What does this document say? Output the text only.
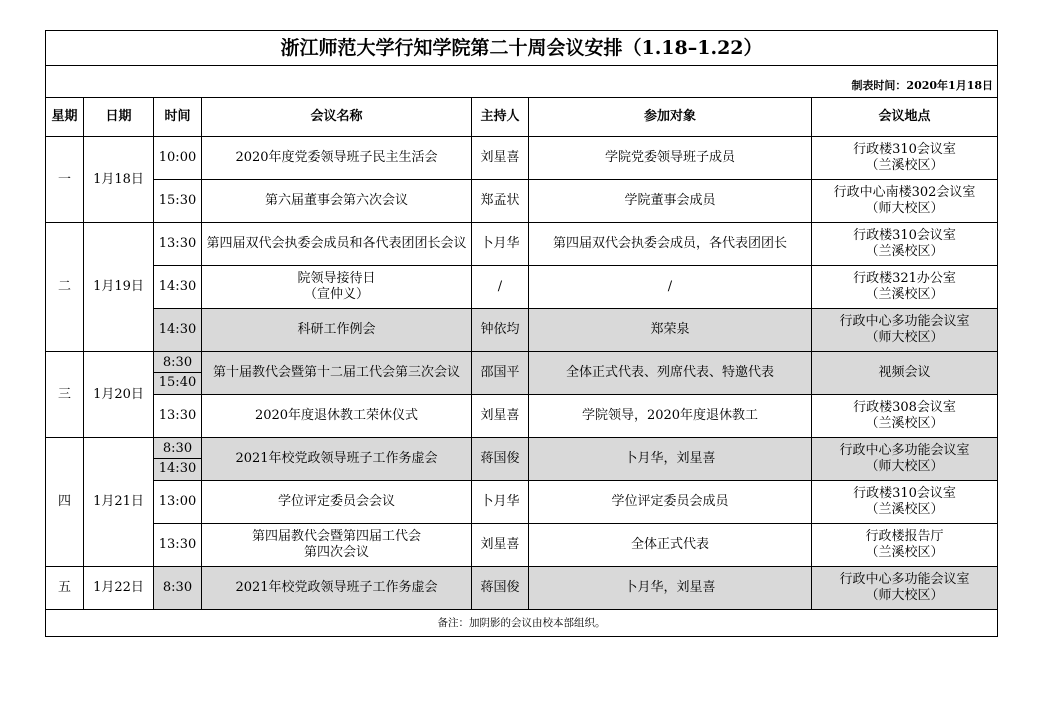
浙江师范大学行知学院第二十周会议安排（1.18–1.22）						
制表时间：2020年1月18日						
星期	日期	时间	会议名称	主持人	参加对象	会议地点
一	1月18日	10:00	2020年度党委领导班子民主生活会	刘星喜	学院党委领导班子成员	行政楼310会议室
（兰溪校区）

		15:30	第六届董事会第六次会议	郑孟状	学院董事会成员	行政中心南楼302会议室
（师大校区）

二	1月19日	13:30	第四届双代会执委会成员和各代表团团长会议	卜月华	第四届双代会执委会成员，各代表团团长	行政楼310会议室
（兰溪校区）

		14:30	院领导接待日
（宣仲义）	/	/	行政楼321办公室
（兰溪校区）

		14:30	科研工作例会	钟依均	郑荣泉	行政中心多功能会议室
（师大校区）

三	1月20日	8:30
15:40	第十届教代会暨第十二届工代会第三次会议	邵国平	全体正式代表、列席代表、特邀代表	视频会议
		13:30	2020年度退休教工荣休仪式	刘星喜	学院领导，2020年度退休教工	行政楼308会议室
（兰溪校区）

四	1月21日	8:30
14:30	2021年校党政领导班子工作务虚会	蒋国俊	卜月华，刘星喜	行政中心多功能会议室
（师大校区）

		13:00	学位评定委员会会议	卜月华	学位评定委员会成员	行政楼310会议室
（兰溪校区）

		13:30	第四届教代会暨第四届工代会
第四次会议	刘星喜	全体正式代表	行政楼报告厅
（兰溪校区）

五	1月22日	8:30	2021年校党政领导班子工作务虚会	蒋国俊	卜月华，刘星喜	行政中心多功能会议室
（师大校区）

备注：加阴影的会议由校本部组织。						
